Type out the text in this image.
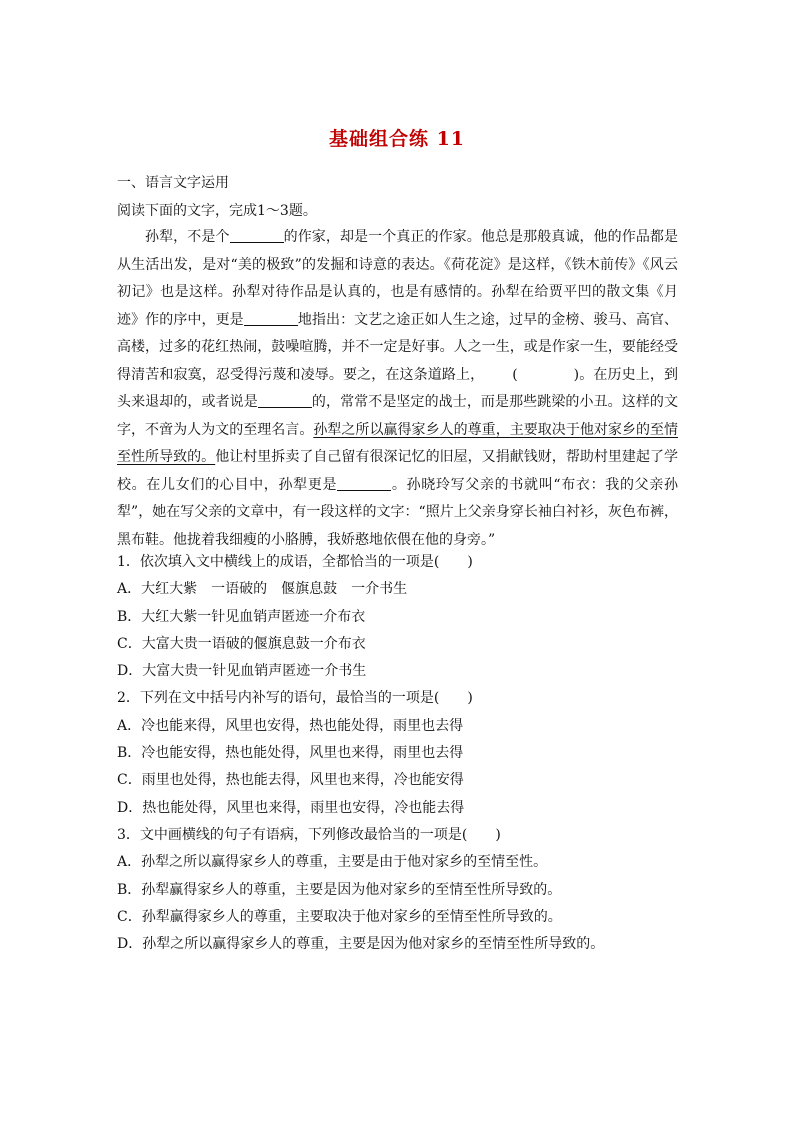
基础组合练 11
一、语言文字运用
阅读下面的文字，完成1～3题。

孙犁，不是个	的作家，却是一个真正的作家。他总是那般真诚，他的作品都是从生活出发，是对“美的极致”的发掘和诗意的表达。《荷花淀》是这样，《铁木前传》《风云初记》也是这样。孙犁对待作品是认真的，也是有感情的。孙犁在给贾平凹的散文集《月迹》作的序中，更是	地指出：文艺之途正如人生之途，过早的金榜、骏马、高官、高楼，过多的花红热闹，鼓噪喧腾，并不一定是好事。人之一生，或是作家一生，要能经受得清苦和寂寞，忍受得污蔑和凌辱。要之，在这条道路上， (　　　　)。在历史上，到头来退却的，或者说是	的，常常不是坚定的战士，而是那些跳梁的小丑。这样的文字，不啻为人为文的至理名言。孙犁之所以赢得家乡人的尊重，主要取决于他对家乡的至情至性所导致的。他让村里拆卖了自己留有很深记忆的旧屋，又捐献钱财，帮助村里建起了学校。在儿女们的心目中，孙犁更是	。孙晓玲写父亲的书就叫“布衣：我的父亲孙犁”，她在写父亲的文章中，有一段这样的文字：“照片上父亲身穿长袖白衬衫，灰色布裤，黑布鞋。他拢着我细瘦的小胳膊，我娇憨地依偎在他的身旁。”

1．依次填入文中横线上的成语，全都恰当的一项是(　　)
A．大红大紫　一语破的　偃旗息鼓　一介书生
B．大红大紫一针见血销声匿迹一介布衣
C．大富大贵一语破的偃旗息鼓一介布衣
D．大富大贵一针见血销声匿迹一介书生
2．下列在文中括号内补写的语句，最恰当的一项是(　　)
A．冷也能来得，风里也安得，热也能处得，雨里也去得
B．冷也能安得，热也能处得，风里也来得，雨里也去得
C．雨里也处得，热也能去得，风里也来得，冷也能安得
D．热也能处得，风里也来得，雨里也安得，冷也能去得
3．文中画横线的句子有语病，下列修改最恰当的一项是(　　)
A．孙犁之所以赢得家乡人的尊重，主要是由于他对家乡的至情至性。
B．孙犁赢得家乡人的尊重，主要是因为他对家乡的至情至性所导致的。
C．孙犁赢得家乡人的尊重，主要取决于他对家乡的至情至性所导致的。
D．孙犁之所以赢得家乡人的尊重，主要是因为他对家乡的至情至性所导致的。
